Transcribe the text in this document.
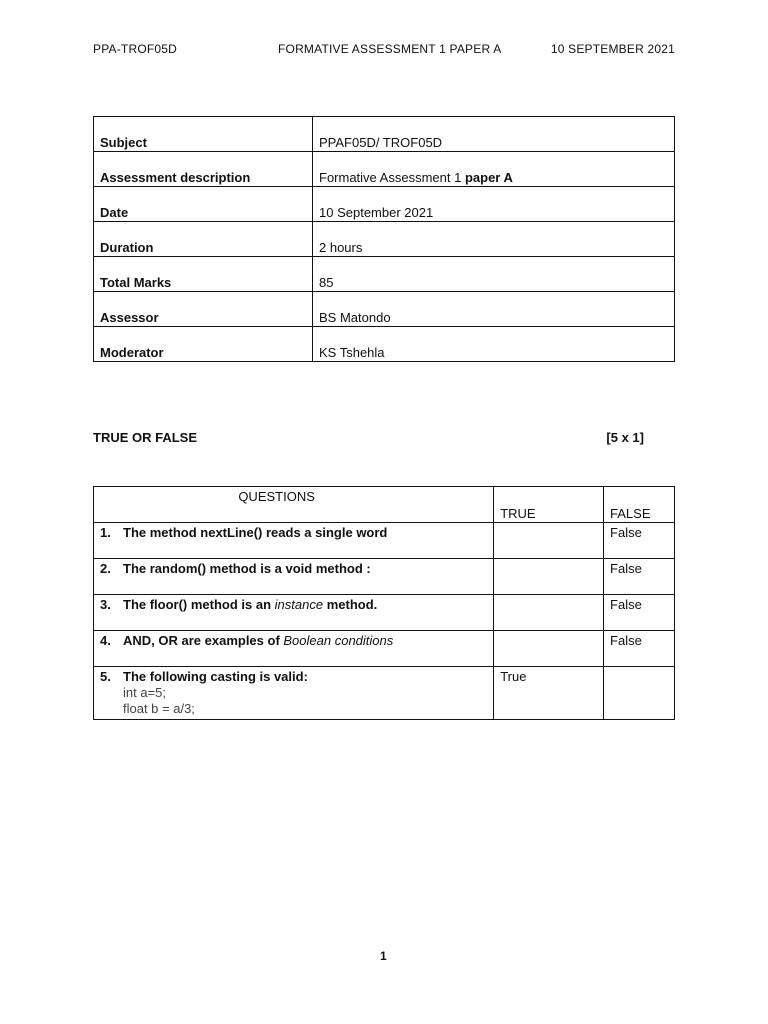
PPA-TROF05D	FORMATIVE ASSESSMENT 1 PAPER A	10 SEPTEMBER 2021
Subject	PPAF05D/ TROF05D
Assessment description	Formative Assessment 1 paper A
Date	10 September 2021
Duration	2 hours
Total Marks	85
Assessor	BS Matondo
Moderator	KS Tshehla
TRUE OR FALSE	[5 x 1]
QUESTIONS	TRUE	FALSE

1. The method nextLine() reads a single word		False

2. The random() method is a void method :		False

3. The floor() method is an instance method.		False

4. AND, OR are examples of Boolean conditions		False

5. The following casting is valid:
int a=5;
float b = a/3;	True	
1
